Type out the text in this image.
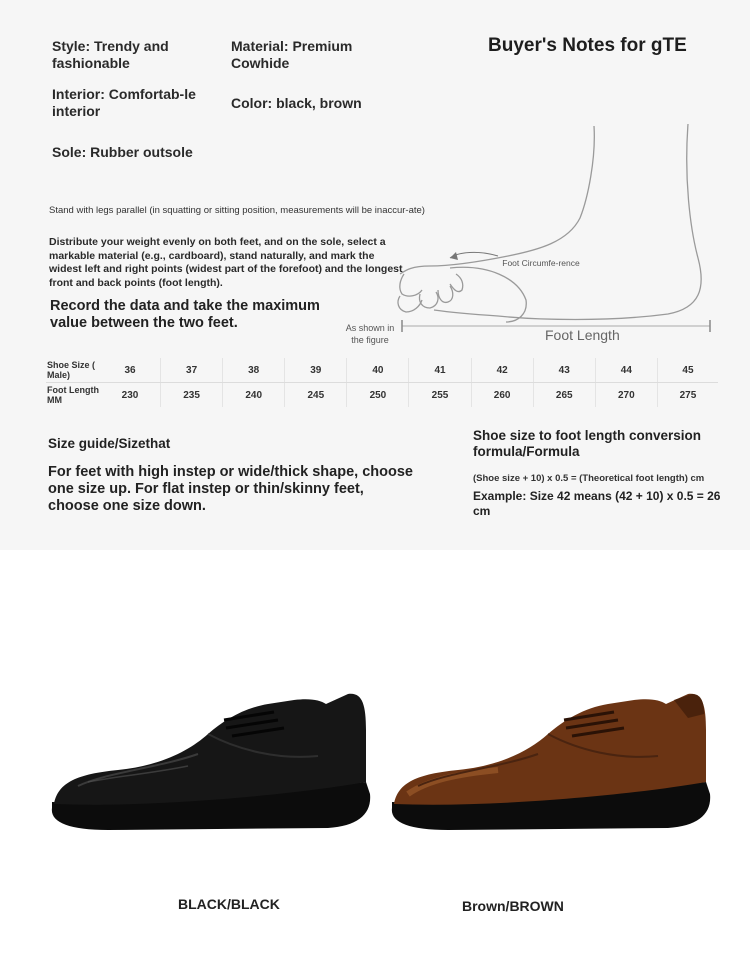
Style: Trendy and fashionable
Material: Premium Cowhide
Interior: Comfortab-le interior	Color: black, brown
Sole: Rubber outsole
Buyer's Notes for gTE
Stand with legs parallel (in squatting or sitting position, measurements will be inaccur-ate)
Distribute your weight evenly on both feet, and on the sole, select a markable material (e.g., cardboard), stand naturally, and mark the widest left and right points (widest part of the forefoot) and the longest front and back points (foot length).
Record the data and take the maximum value between the two feet.
Foot Circumfe-rence
As shown in the figure	Foot Length
Shoe Size ( Male)	36	37	38	39	40	41	42	43	44	45
Foot Length MM	230	235	240	245	250	255	260	265	270	275
Size guide/Sizethat
For feet with high instep or wide/thick shape, choose one size up. For flat instep or thin/skinny feet, choose one size down.
Shoe size to foot length conversion formula/Formula
(Shoe size + 10) x 0.5 = (Theoretical foot length) cm
Example: Size 42 means (42 + 10) x 0.5 = 26 cm
BLACK/BLACK	Brown/BROWN
